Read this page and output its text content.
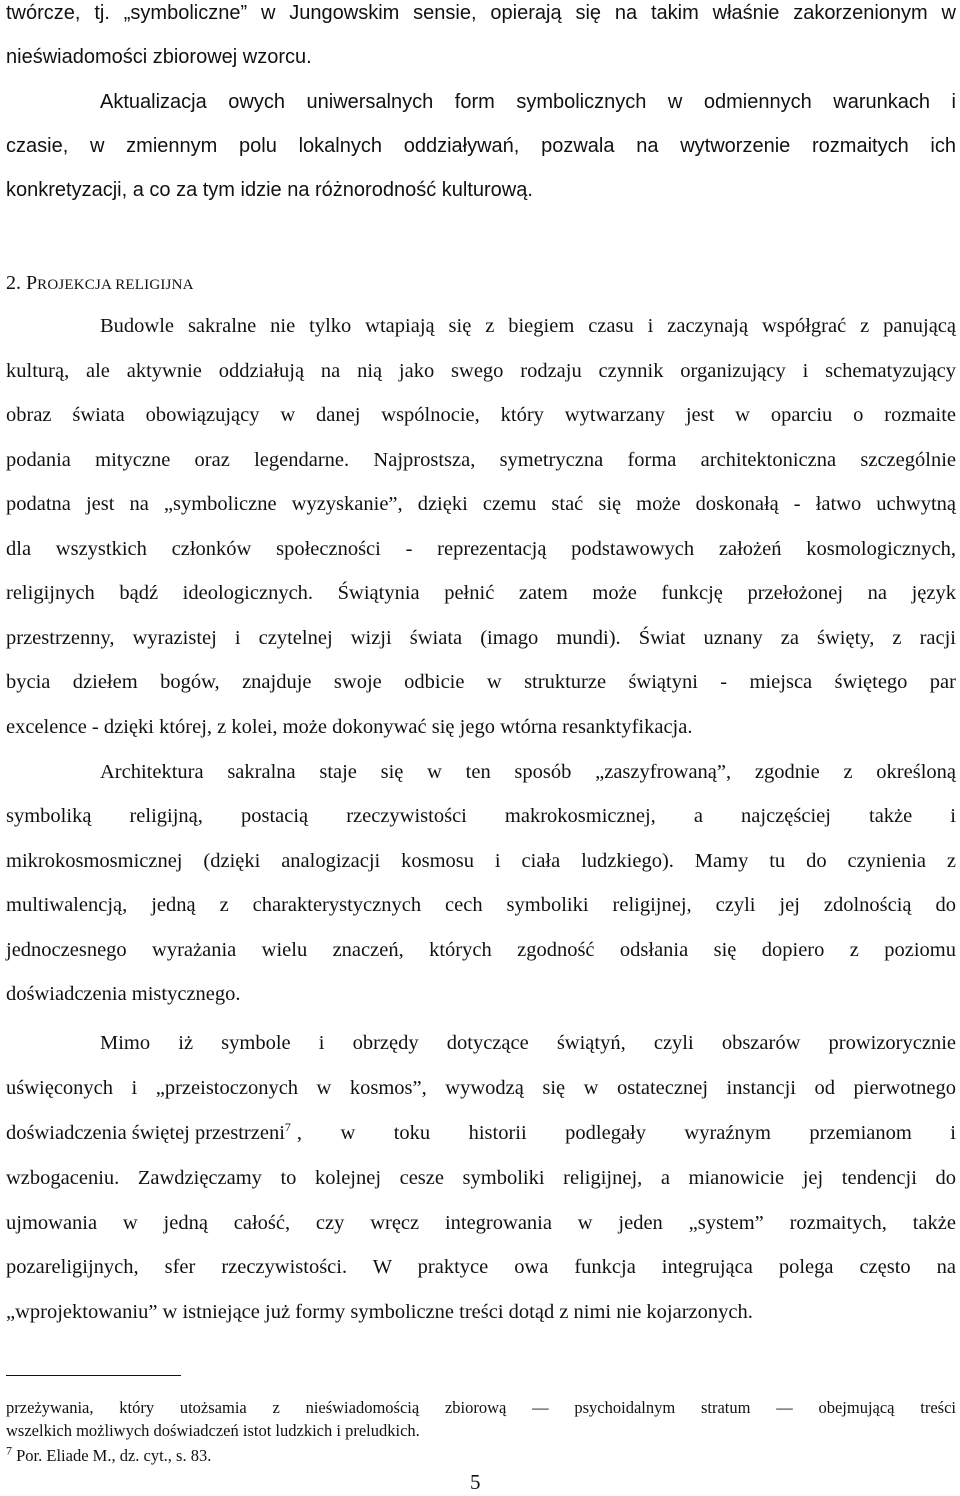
twórcze, tj. „symboliczne” w Jungowskim sensie, opierają się na takim właśnie zakorzenionym w
nieświadomości zbiorowej wzorcu.
Aktualizacja owych uniwersalnych form symbolicznych w odmiennych warunkach i
czasie, w zmiennym polu lokalnych oddziaływań, pozwala na wytworzenie rozmaitych ich
konkretyzacji, a co za tym idzie na różnorodność kulturową.
2. PROJEKCJA RELIGIJNA
Budowle sakralne nie tylko wtapiają się z biegiem czasu i zaczynają współgrać z panującą
kulturą, ale aktywnie oddziałują na nią jako swego rodzaju czynnik organizujący i schematyzujący
obraz świata obowiązujący w danej wspólnocie, który wytwarzany jest w oparciu o rozmaite
podania mityczne oraz legendarne. Najprostsza, symetryczna forma architektoniczna szczególnie
podatna jest na „symboliczne wyzyskanie”, dzięki czemu stać się może doskonałą - łatwo uchwytną
dla wszystkich członków społeczności - reprezentacją podstawowych założeń kosmologicznych,
religijnych bądź ideologicznych. Świątynia pełnić zatem może funkcję przełożonej na język
przestrzenny, wyrazistej i czytelnej wizji świata (imago mundi). Świat uznany za święty, z racji
bycia dziełem bogów, znajduje swoje odbicie w strukturze świątyni - miejsca świętego par
excelence - dzięki której, z kolei, może dokonywać się jego wtórna resanktyfikacja.
Architektura sakralna staje się w ten sposób „zaszyfrowaną”, zgodnie z określoną
symboliką religijną, postacią rzeczywistości makrokosmicznej, a najczęściej także i
mikrokosmosmicznej (dzięki analogizacji kosmosu i ciała ludzkiego). Mamy tu do czynienia z
multiwalencją, jedną z charakterystycznych cech symboliki religijnej, czyli jej zdolnością do
jednoczesnego wyrażania wielu znaczeń, których zgodność odsłania się dopiero z poziomu
doświadczenia mistycznego.
Mimo iż symbole i obrzędy dotyczące świątyń, czyli obszarów prowizorycznie
uświęconych i „przeistoczonych w kosmos”, wywodzą się w ostatecznej instancji od pierwotnego
doświadczenia świętej przestrzeni$^7$ , w toku historii podlegały wyraźnym przemianom i
wzbogaceniu. Zawdzięczamy to kolejnej cesze symboliki religijnej, a mianowicie jej tendencji do
ujmowania w jedną całość, czy wręcz integrowania w jeden „system” rozmaitych, także
pozareligijnych, sfer rzeczywistości. W praktyce owa funkcja integrująca polega często na
„wprojektowaniu” w istniejące już formy symboliczne treści dotąd z nimi nie kojarzonych.
przeżywania, który utożsamia z nieświadomością zbiorową — psychoidalnym stratum — obejmującą treści
wszelkich możliwych doświadczeń istot ludzkich i preludkich.
$^7$ Por. Eliade M., dz. cyt., s. 83.
5
